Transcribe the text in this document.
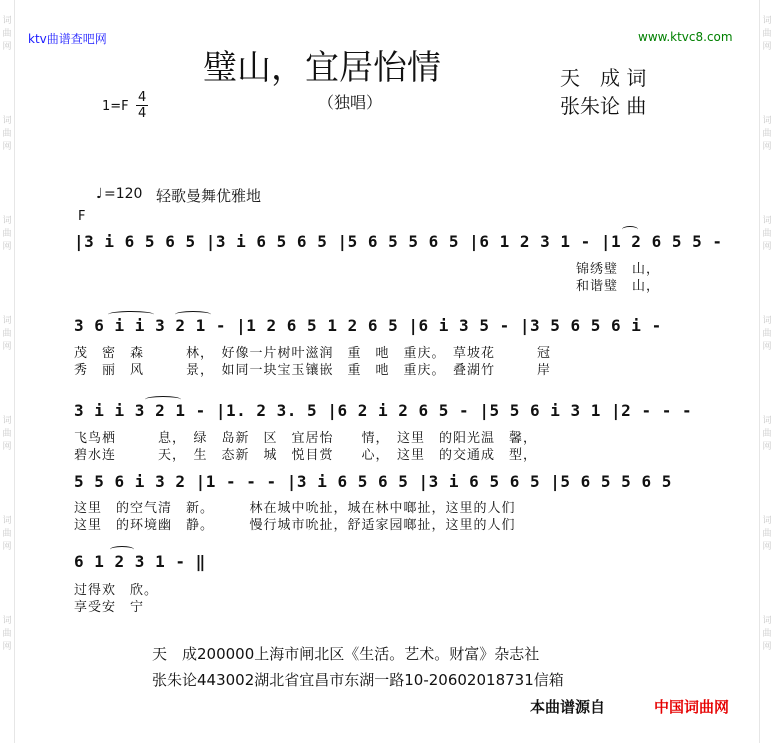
词
曲
网
词
曲
网
词
曲
网
词
曲
网
词
曲
网
词
曲
网
词
曲
网
词
曲
网
词
曲
网
词
曲
网
词
曲
网
词
曲
网
词
曲
网
词
曲
网
ktv曲谱查吧网	www.ktvc8.com
璧山，宜居怡情
（独唱）
天　成 词
张朱论 曲
1=F
4
4
♩ =120 轻歌曼舞优雅地
F
|3 i 6 5 6 5 |3 i 6 5 6 5 |5 6 5 5 6 5 |6 1 2 3 1 - |1 2 6 5 5 -
锦绣璧　山，
和谐璧　山，
3 6 i i 3 2 1 - |1 2 6 5 1 2 6 5 |6 i 3 5 - |3 5 6 5 6 i -
茂　密　森　　　林，　好像一片树叶滋润　重　吔　重庆。　草坡花　　　冠
秀　丽　风　　　景，　如同一块宝玉镶嵌　重　吔　重庆。　叠湖竹　　　岸
3 i i 3 2 1 - |1. 2 3. 5 |6 2 i 2 6 5 - |5 5 6 i 3 1 |2 - - -
飞鸟栖　　　息，　绿　岛新　区　宜居怡　　情，　这里　的阳光温　馨，
碧水连　　　天，　生　态新　城　悦目赏　　心，　这里　的交通成　型，
5 5 6 i 3 2 |1 - - - |3 i 6 5 6 5 |3 i 6 5 6 5 |5 6 5 5 6 5
这里　的空气清　新。　　　林在城中吮扯，城在林中啷扯，这里的人们
这里　的环境幽　静。　　　慢行城市吮扯，舒适家园啷扯，这里的人们
6 1 2 3 1 - ‖
过得欢　欣。
享受安　宁
天　成200000上海市闸北区《生活。艺术。财富》杂志社
张朱论443002湖北省宜昌市东湖一路10-20602018731信箱
本曲谱源自	中国词曲网
